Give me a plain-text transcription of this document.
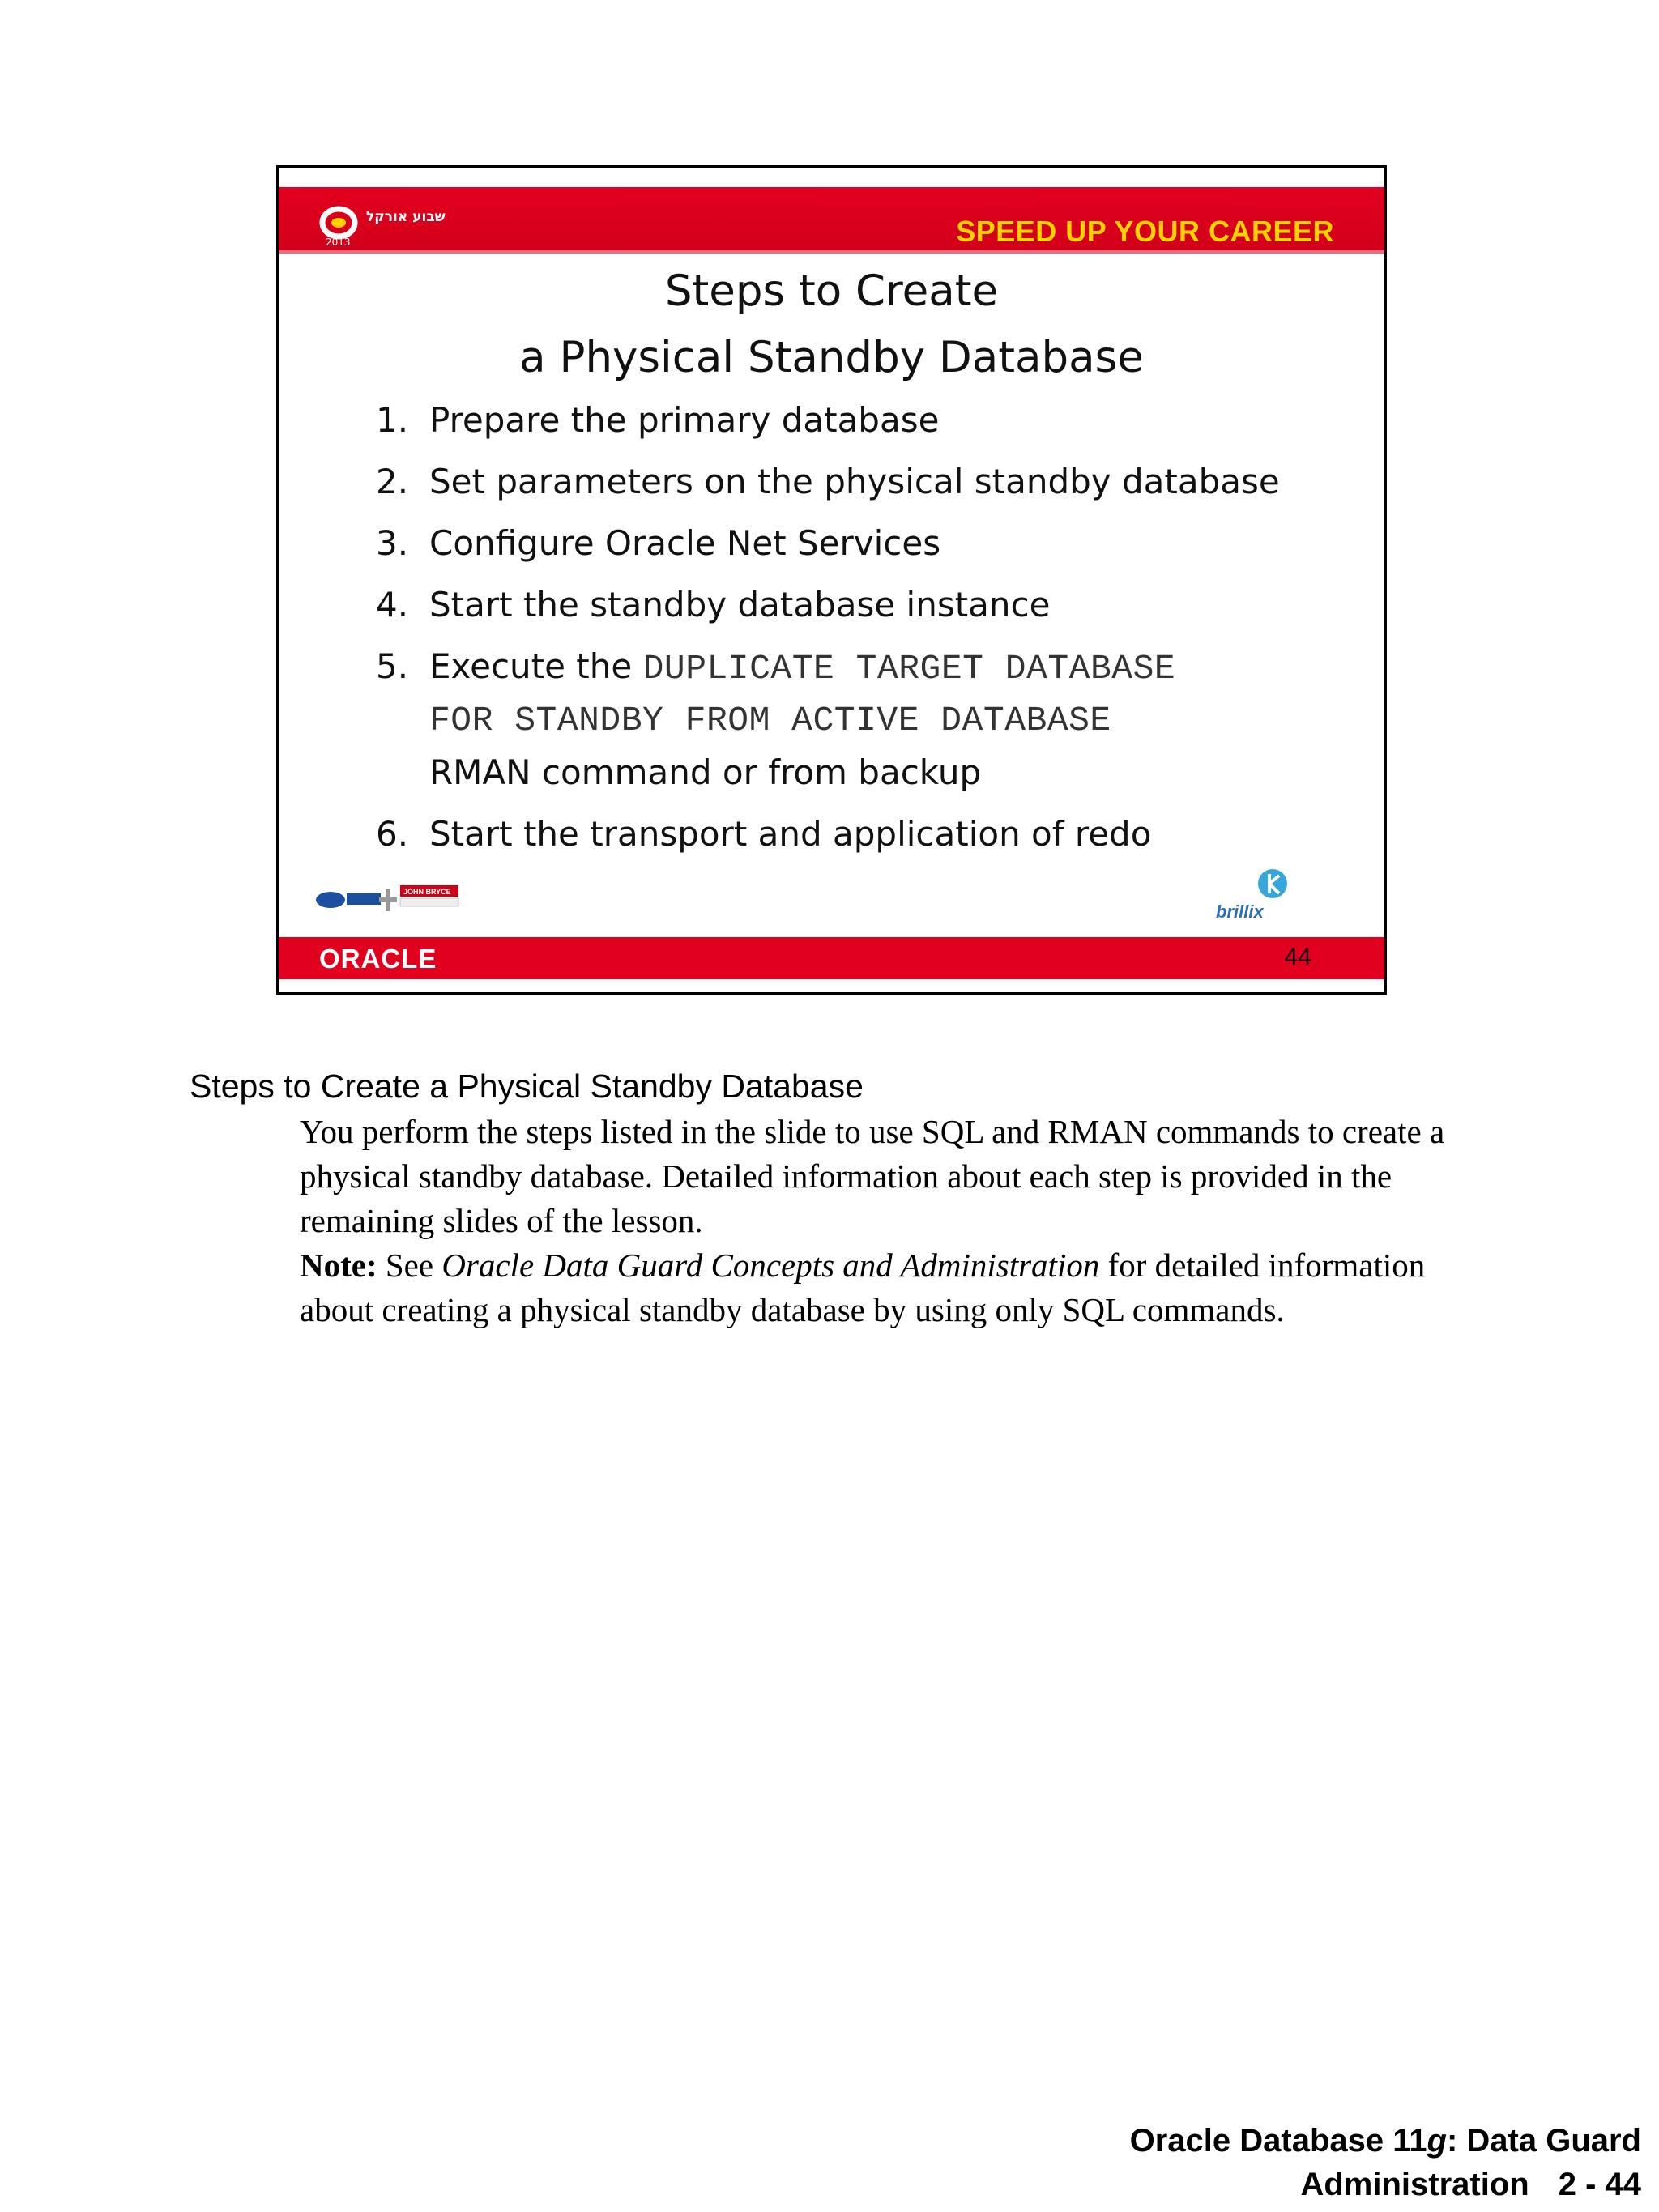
שבוע אורקל
2013	SPEED UP YOUR CAREER
Steps to Create
a Physical Standby Database
1. Prepare the primary database
2. Set parameters on the physical standby database
3. Configure Oracle Net Services
4. Start the standby database instance
5. Execute the DUPLICATE TARGET DATABASE
FOR STANDBY FROM ACTIVE DATABASE
RMAN command or from backup
6. Start the transport and application of redo
JOHN BRYCE
brillix
ORACLE	44
Steps to Create a Physical Standby Database

You perform the steps listed in the slide to use SQL and RMAN commands to create a physical standby database. Detailed information about each step is provided in the remaining slides of the lesson.

Note: See Oracle Data Guard Concepts and Administration for detailed information about creating a physical standby database by using only SQL commands.

Oracle Database 11g: Data Guard
Administration 2 - 44
